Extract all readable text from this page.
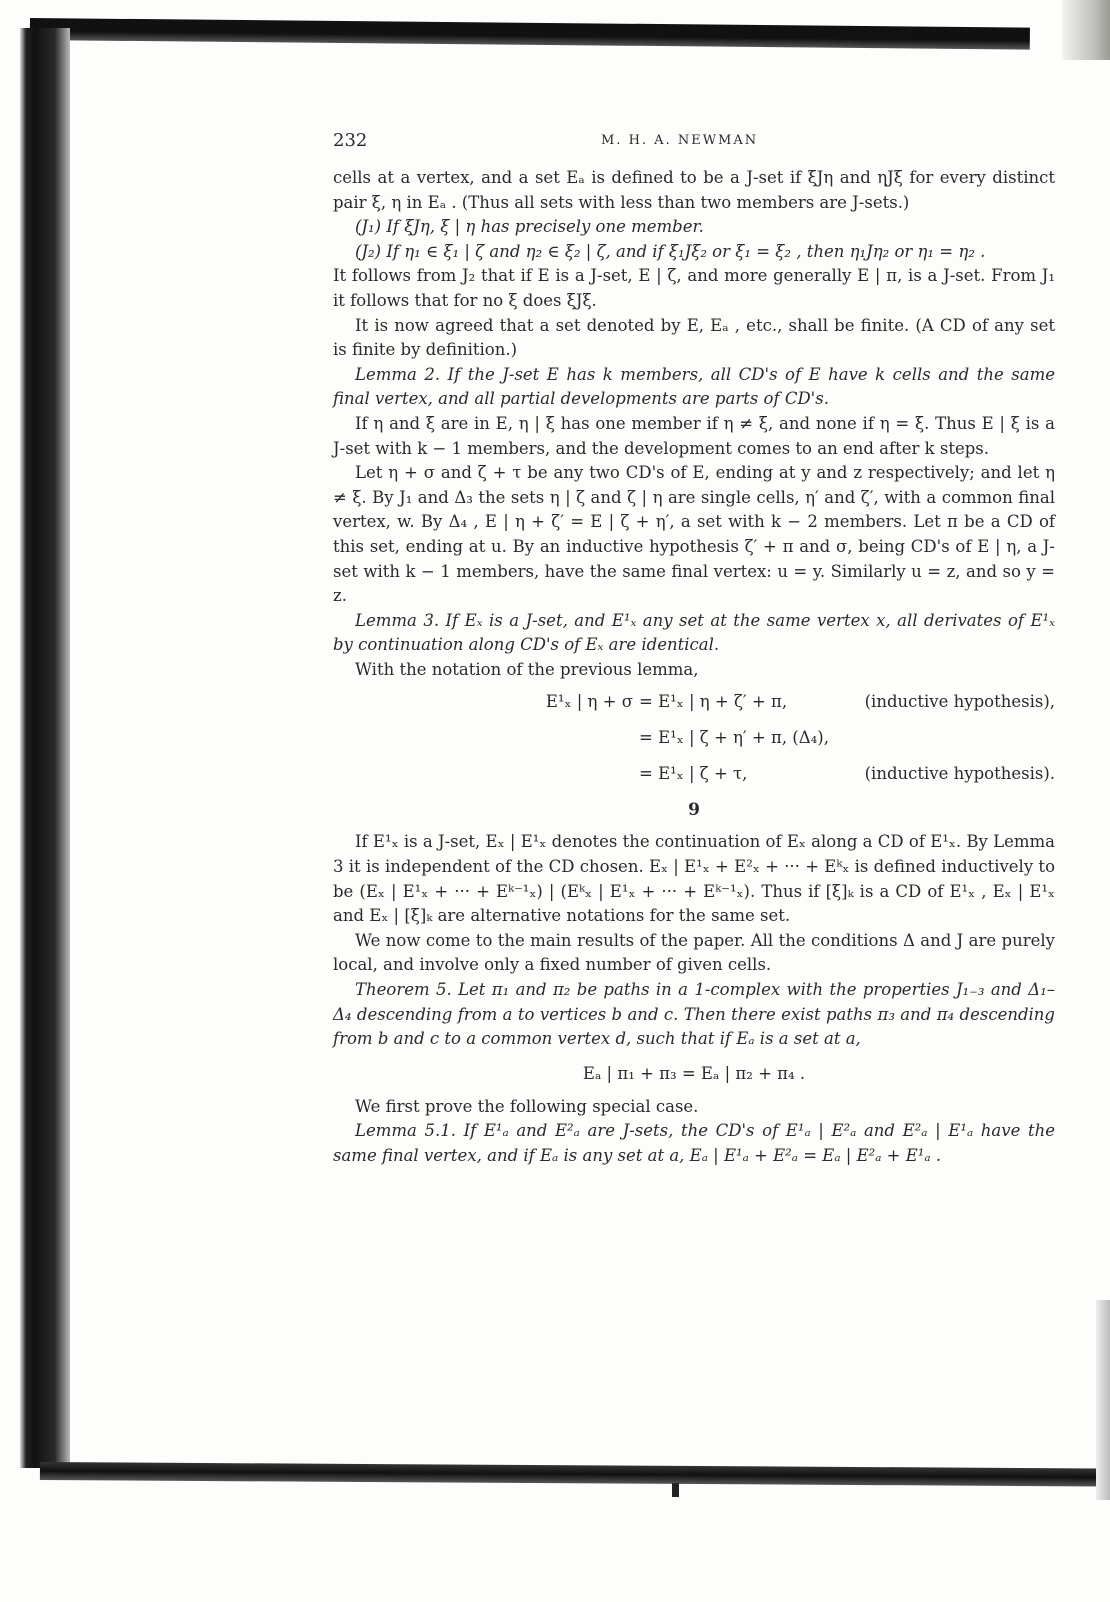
232	M. H. A. NEWMAN

cells at a vertex, and a set Eₐ is defined to be a J-set if ξJη and ηJξ for every distinct pair ξ, η in Eₐ . (Thus all sets with less than two members are J-sets.)

(J₁) If ξJη, ξ | η has precisely one member.

(J₂) If η₁ ∈ ξ₁ | ζ and η₂ ∈ ξ₂ | ζ, and if ξ₁Jξ₂ or ξ₁ = ξ₂ , then η₁Jη₂ or η₁ = η₂ .

It follows from J₂ that if E is a J-set, E | ζ, and more generally E | π, is a J-set. From J₁ it follows that for no ξ does ξJξ.

It is now agreed that a set denoted by E, Eₐ , etc., shall be finite. (A CD of any set is finite by definition.)

Lemma 2. If the J-set E has k members, all CD's of E have k cells and the same final vertex, and all partial developments are parts of CD's.

If η and ξ are in E, η | ξ has one member if η ≠ ξ, and none if η = ξ. Thus E | ξ is a J-set with k − 1 members, and the development comes to an end after k steps.

Let η + σ and ζ + τ be any two CD's of E, ending at y and z respectively; and let η ≠ ξ. By J₁ and Δ₃ the sets η | ζ and ζ | η are single cells, η′ and ζ′, with a common final vertex, w. By Δ₄ , E | η + ζ′ = E | ζ + η′, a set with k − 2 members. Let π be a CD of this set, ending at u. By an inductive hypothesis ζ′ + π and σ, being CD's of E | η, a J-set with k − 1 members, have the same final vertex: u = y. Similarly u = z, and so y = z.

Lemma 3. If Eₓ is a J-set, and E¹ₓ any set at the same vertex x, all derivates of E¹ₓ by continuation along CD's of Eₓ are identical.

With the notation of the previous lemma,

E¹ₓ | η + σ = E¹ₓ | η + ζ′ + π,	(inductive hypothesis),
= E¹ₓ | ζ + η′ + π, (Δ₄),
= E¹ₓ | ζ + τ,	(inductive hypothesis).
9

If E¹ₓ is a J-set, Eₓ | E¹ₓ denotes the continuation of Eₓ along a CD of E¹ₓ. By Lemma 3 it is independent of the CD chosen. Eₓ | E¹ₓ + E²ₓ + ··· + Eᵏₓ is defined inductively to be (Eₓ | E¹ₓ + ··· + Eᵏ⁻¹ₓ) | (Eᵏₓ | E¹ₓ + ··· + Eᵏ⁻¹ₓ). Thus if [ξ]ₖ is a CD of E¹ₓ , Eₓ | E¹ₓ and Eₓ | [ξ]ₖ are alternative notations for the same set.

We now come to the main results of the paper. All the conditions Δ and J are purely local, and involve only a fixed number of given cells.

Theorem 5. Let π₁ and π₂ be paths in a 1-complex with the properties J₁₋₃ and Δ₁–Δ₄ descending from a to vertices b and c. Then there exist paths π₃ and π₄ descending from b and c to a common vertex d, such that if Eₐ is a set at a,

Eₐ | π₁ + π₃ = Eₐ | π₂ + π₄ .

We first prove the following special case.

Lemma 5.1. If E¹ₐ and E²ₐ are J-sets, the CD's of E¹ₐ | E²ₐ and E²ₐ | E¹ₐ have the same final vertex, and if Eₐ is any set at a, Eₐ | E¹ₐ + E²ₐ = Eₐ | E²ₐ + E¹ₐ .
